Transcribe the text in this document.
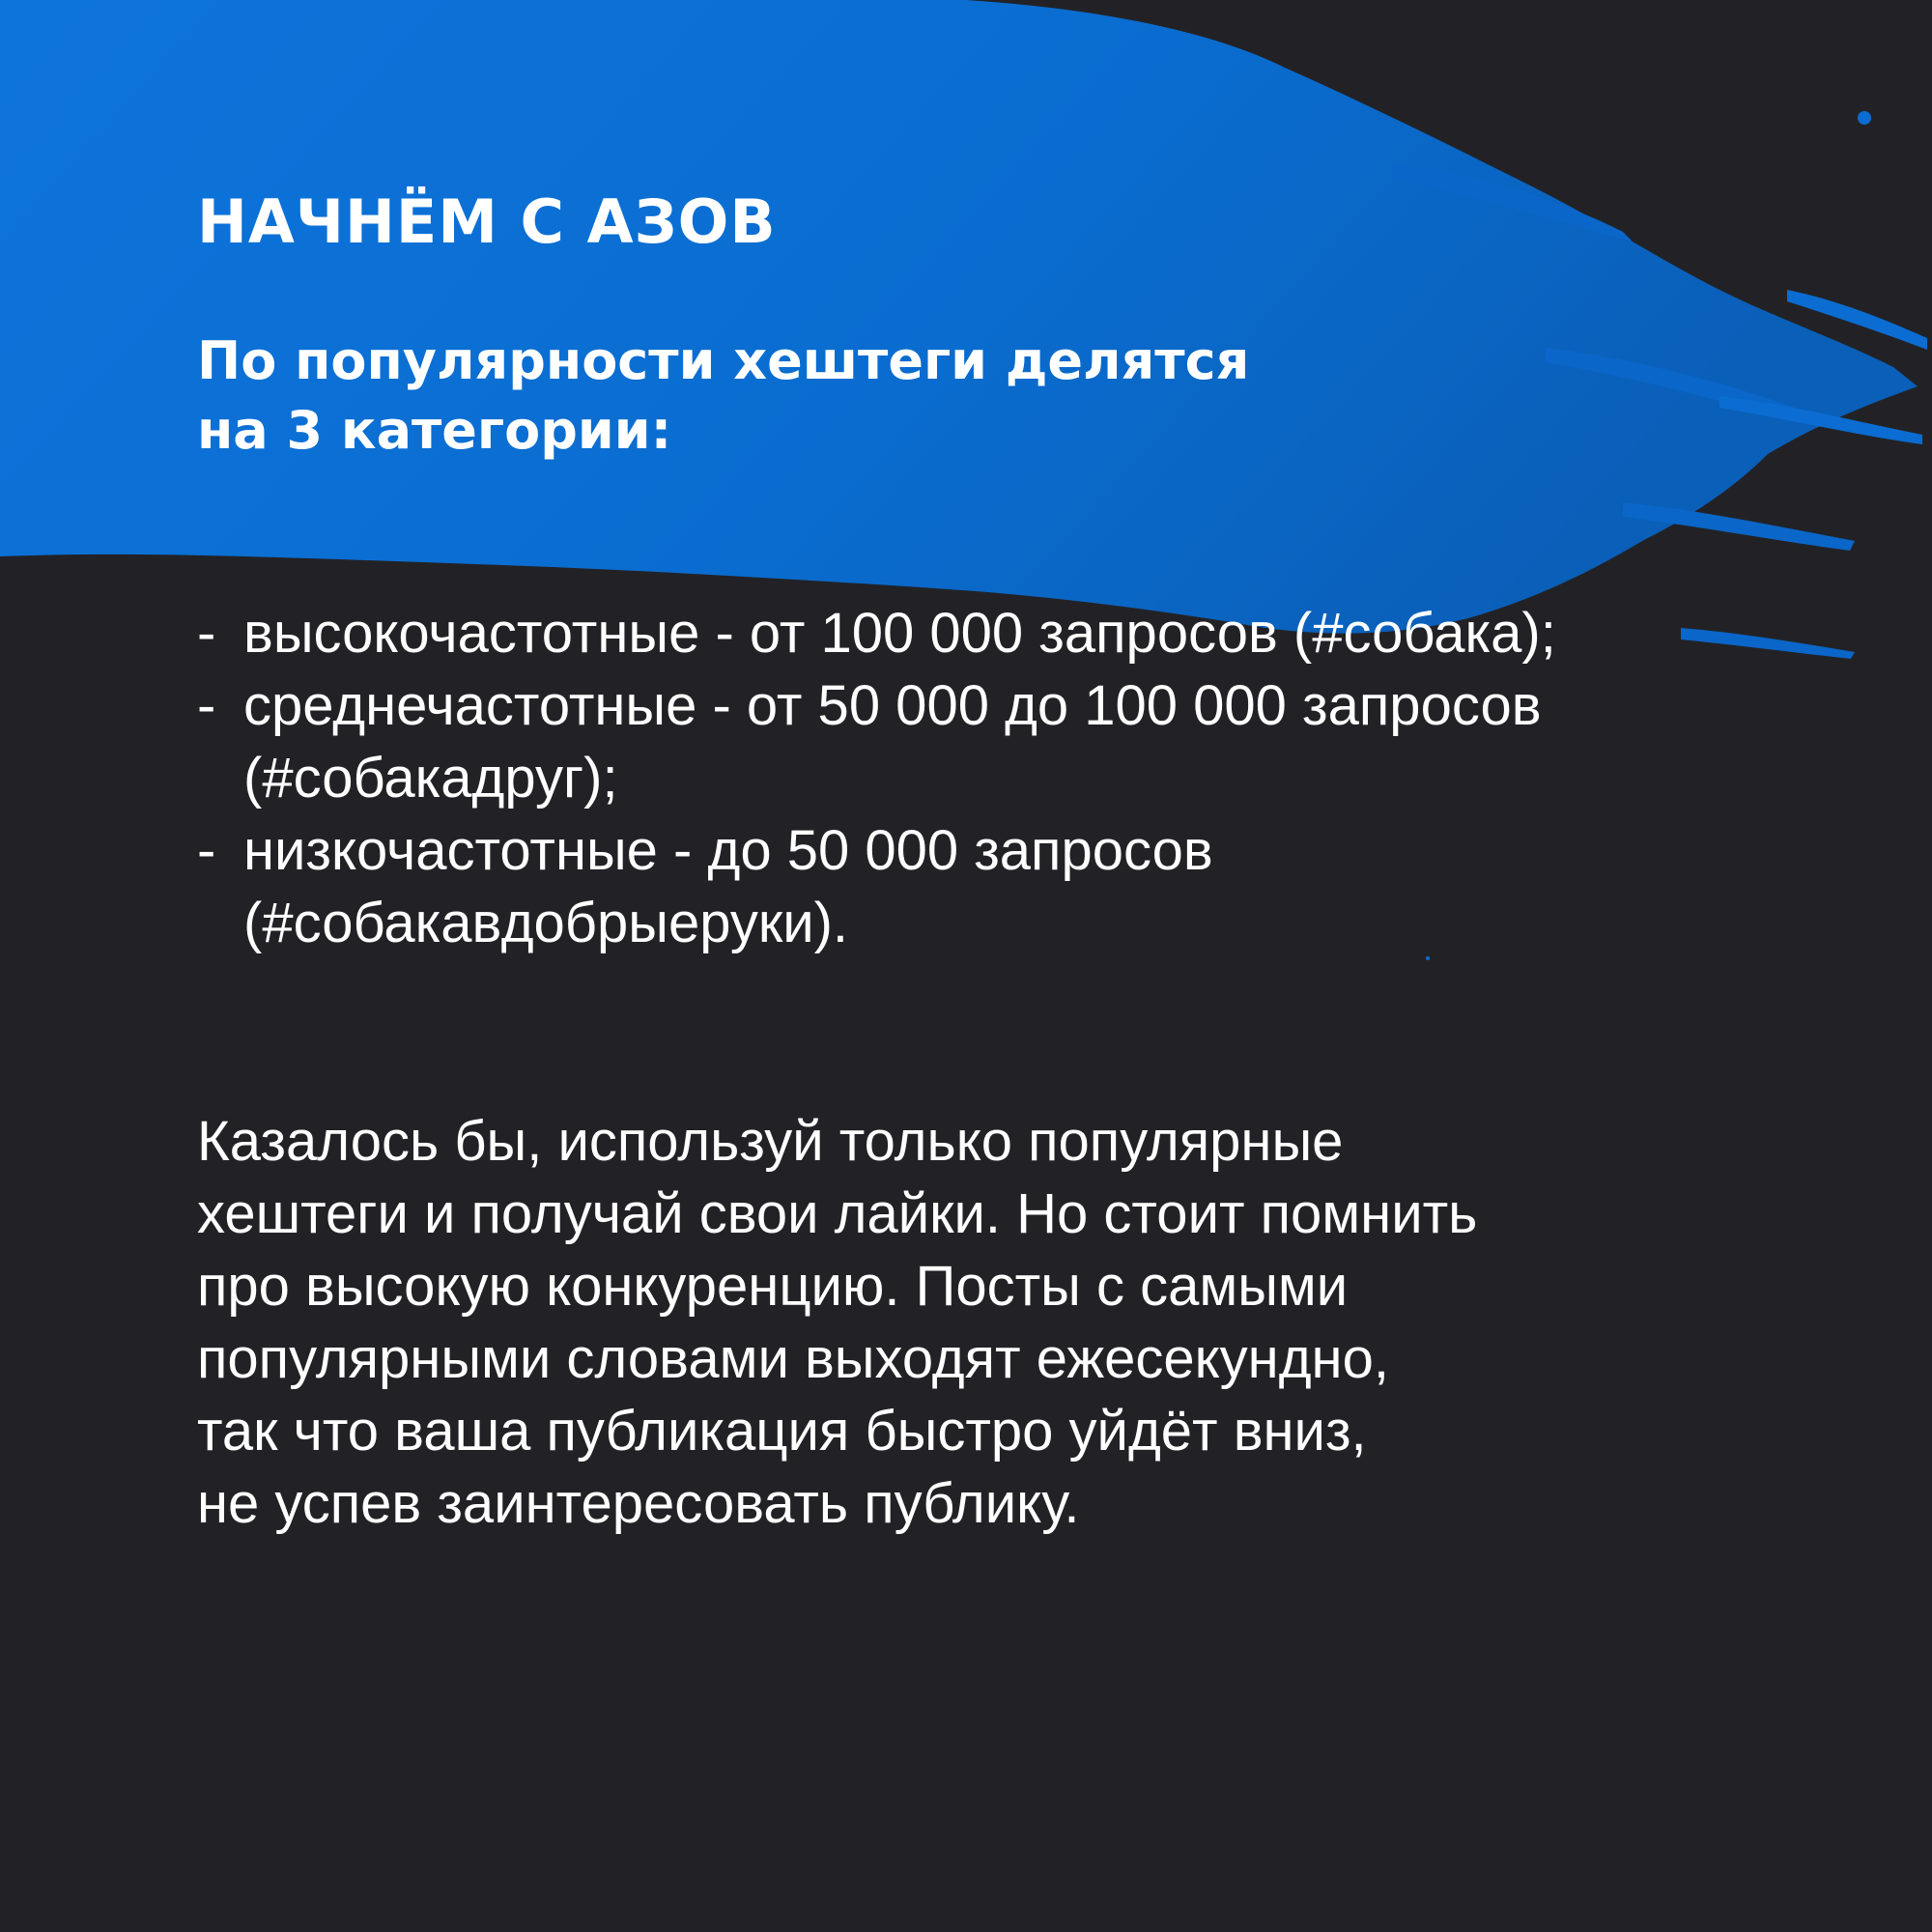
НАЧНЁМ С АЗОВ
По популярности хештеги делятся
на 3 категории:
- высокочастотные - от 100 000 запросов (#собака);
- среднечастотные - от 50 000 до 100 000 запросов
(#собакадруг);
- низкочастотные - до 50 000 запросов
(#собакавдобрыеруки).

Казалось бы, используй только популярные
хештеги и получай свои лайки. Но стоит помнить
про высокую конкуренцию. Посты с самыми
популярными словами выходят ежесекундно,
так что ваша публикация быстро уйдёт вниз,
не успев заинтересовать публику.
